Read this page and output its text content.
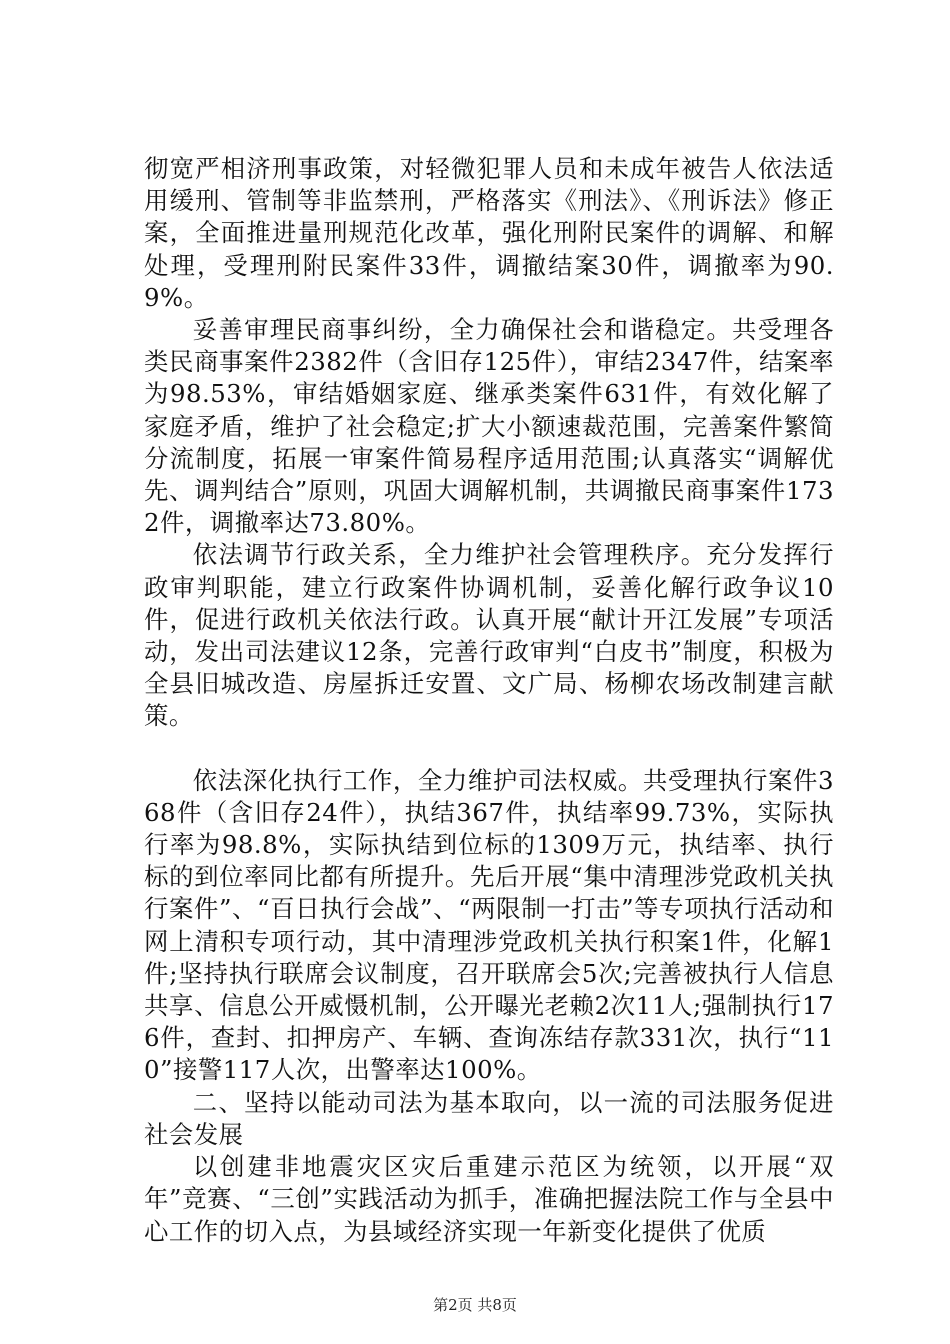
彻宽严相济刑事政策，对轻微犯罪人员和未成年被告人依法适用缓刑、管制等非监禁刑，严格落实《刑法》、《刑诉法》修正案，全面推进量刑规范化改革，强化刑附民案件的调解、和解处理，受理刑附民案件33件，调撤结案30件，调撤率为90.9%。

妥善审理民商事纠纷，全力确保社会和谐稳定。共受理各类民商事案件2382件（含旧存125件），审结2347件，结案率为98.53%，审结婚姻家庭、继承类案件631件，有效化解了家庭矛盾，维护了社会稳定;扩大小额速裁范围，完善案件繁简分流制度，拓展一审案件简易程序适用范围;认真落实“调解优先、调判结合”原则，巩固大调解机制，共调撤民商事案件1732件，调撤率达73.80%。

依法调节行政关系，全力维护社会管理秩序。充分发挥行政审判职能，建立行政案件协调机制，妥善化解行政争议10件，促进行政机关依法行政。认真开展“献计开江发展”专项活动，发出司法建议12条，完善行政审判“白皮书”制度，积极为全县旧城改造、房屋拆迁安置、文广局、杨柳农场改制建言献策。

依法深化执行工作，全力维护司法权威。共受理执行案件368件（含旧存24件），执结367件，执结率99.73%，实际执行率为98.8%，实际执结到位标的1309万元，执结率、执行标的到位率同比都有所提升。先后开展“集中清理涉党政机关执行案件”、“百日执行会战”、“两限制一打击”等专项执行活动和网上清积专项行动，其中清理涉党政机关执行积案1件，化解1件;坚持执行联席会议制度，召开联席会5次;完善被执行人信息共享、信息公开威慑机制，公开曝光老赖2次11人;强制执行176件，查封、扣押房产、车辆、查询冻结存款331次，执行“110”接警117人次，出警率达100%。

二、坚持以能动司法为基本取向，以一流的司法服务促进社会发展

以创建非地震灾区灾后重建示范区为统领，以开展“双年”竞赛、“三创”实践活动为抓手，准确把握法院工作与全县中心工作的切入点，为县域经济实现一年新变化提供了优质

第2页 共8页
